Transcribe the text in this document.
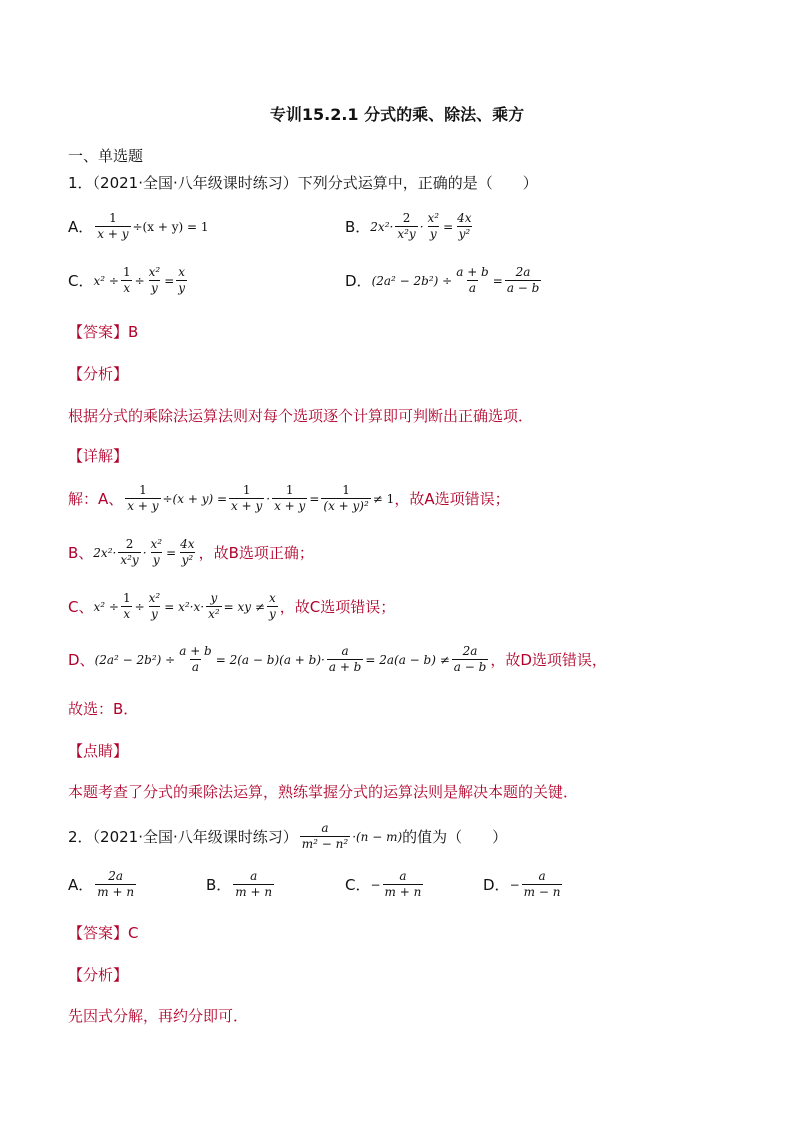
专训15.2.1 分式的乘、除法、乘方
一、单选题
1．（2021·全国·八年级课时练习）下列分式运算中，正确的是（　　）
A． $\frac{1}{x + y} \div(x + y) = 1$	B． $2x^2\cdot \frac{2}{\text{x²y}} \cdot \frac{\text{x²}}{y} = \frac{4x}{\text{y²}}$
C． $x^2 \div \frac{1}{x} \div \frac{\text{x²}}{y} = \frac{x}{y}$	D． $(2a^2 - 2b^2) \div \frac{a + b}{a} = \frac{2a}{a - b}$
【答案】B
【分析】
根据分式的乘除法运算法则对每个选项逐个计算即可判断出正确选项．
【详解】
解：A、 $\frac{1}{x + y} \div(x + y) = \frac{1}{x + y} \cdot \frac{1}{x + y} = \frac{1}{\text{(x + y)²}} \ne 1$ ，故A选项错误；
B、 $2x^2\cdot \frac{2}{\text{x²y}} \cdot \frac{\text{x²}}{y} = \frac{4x}{\text{y²}}$ ，故B选项正确；
C、 $x^2 \div \frac{1}{x} \div \frac{\text{x²}}{y} = x^2\cdot x\cdot \frac{y}{\text{x²}}$ = xy ≠ $\frac{x}{y}$ ，故C选项错误；
D、 $(2a^2 - 2b^2) \div \frac{a + b}{a} = 2(a - b)(a + b)\cdot \frac{a}{a + b} = 2a(a - b) \ne \frac{2a}{a - b}$ ，故D选项错误，
故选：B．
【点睛】
本题考查了分式的乘除法运算，熟练掌握分式的运算法则是解决本题的关键．
2．（2021·全国·八年级课时练习） $\frac{a}{\text{m² − n²}} \cdot(n - m)$ 的值为（　　）
A． $\frac{2a}{m + n}$	B． $\frac{a}{m + n}$	C． − $\frac{a}{m + n}$	D． − $\frac{a}{m - n}$
【答案】C
【分析】
先因式分解，再约分即可．
